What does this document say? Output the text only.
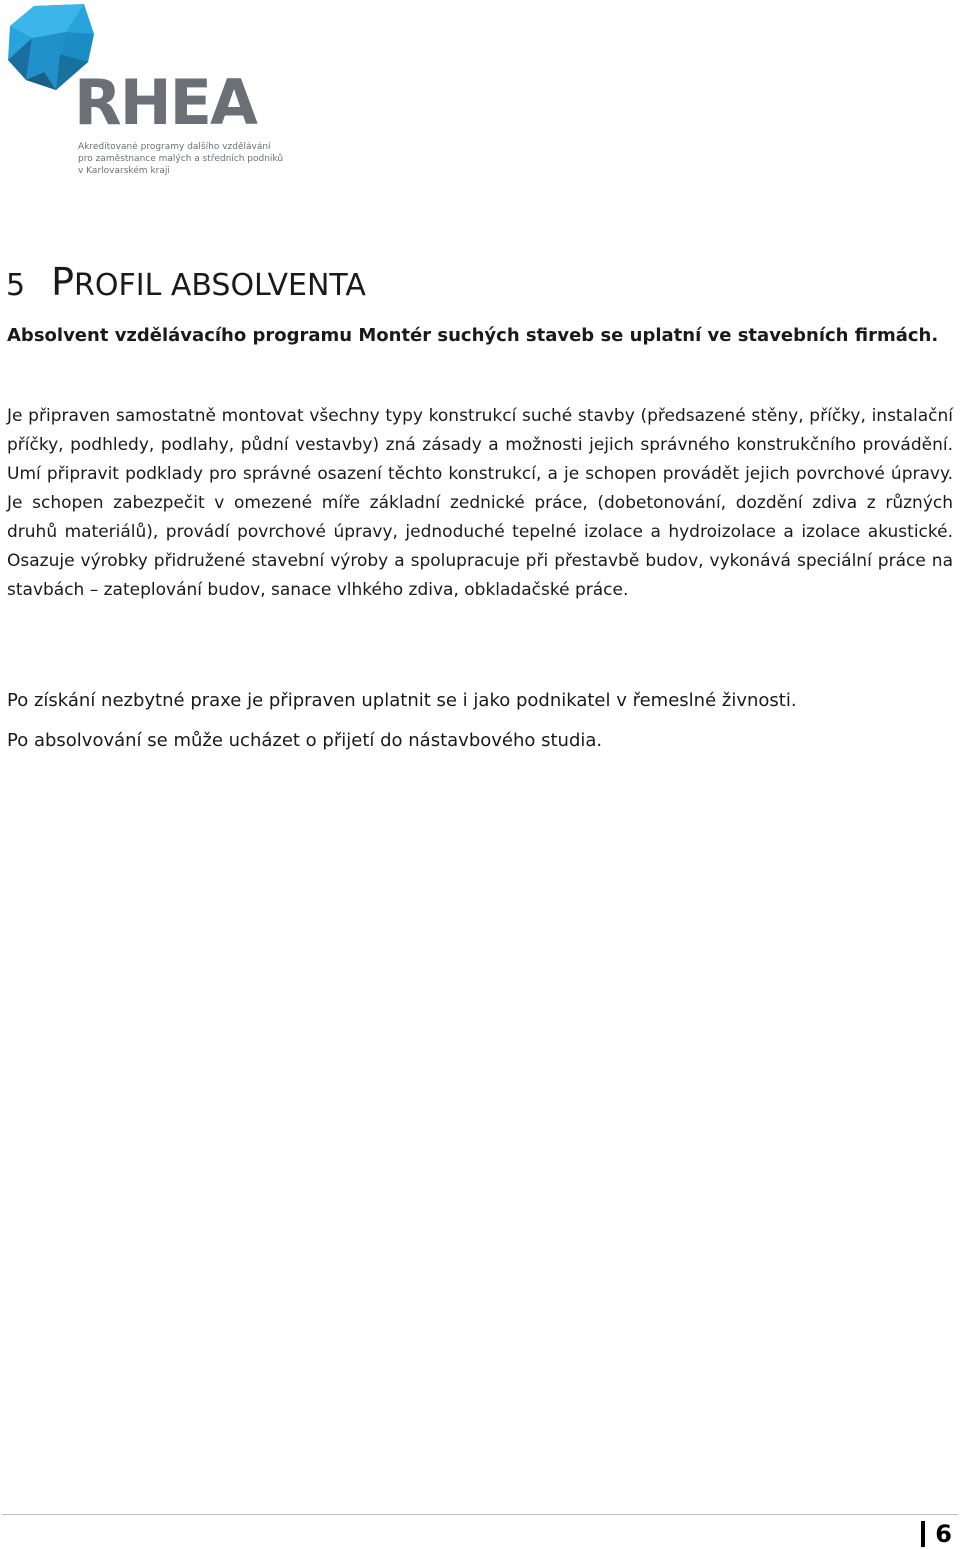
RHEA
Akreditované programy dalšího vzdělávání
pro zaměstnance malých a středních podniků
v Karlovarském kraji
5 PROFIL ABSOLVENTA

Absolvent vzdělávacího programu Montér suchých staveb se uplatní ve stavebních firmách.

Je připraven samostatně montovat všechny typy konstrukcí suché stavby (předsazené stěny, příčky, instalační příčky, podhledy, podlahy, půdní vestavby) zná zásady a možnosti jejich správného konstrukčního provádění. Umí připravit podklady pro správné osazení těchto konstrukcí, a je schopen provádět jejich povrchové úpravy. Je schopen zabezpečit v omezené míře základní zednické práce, (dobetonování, dozdění zdiva z různých druhů materiálů), provádí povrchové úpravy, jednoduché tepelné izolace a hydroizolace a izolace akustické. Osazuje výrobky přidružené stavební výroby a spolupracuje při přestavbě budov, vykonává speciální práce na stavbách – zateplování budov, sanace vlhkého zdiva, obkladačské práce.

Po získání nezbytné praxe je připraven uplatnit se i jako podnikatel v řemeslné živnosti.

Po absolvování se může ucházet o přijetí do nástavbového studia.

6
